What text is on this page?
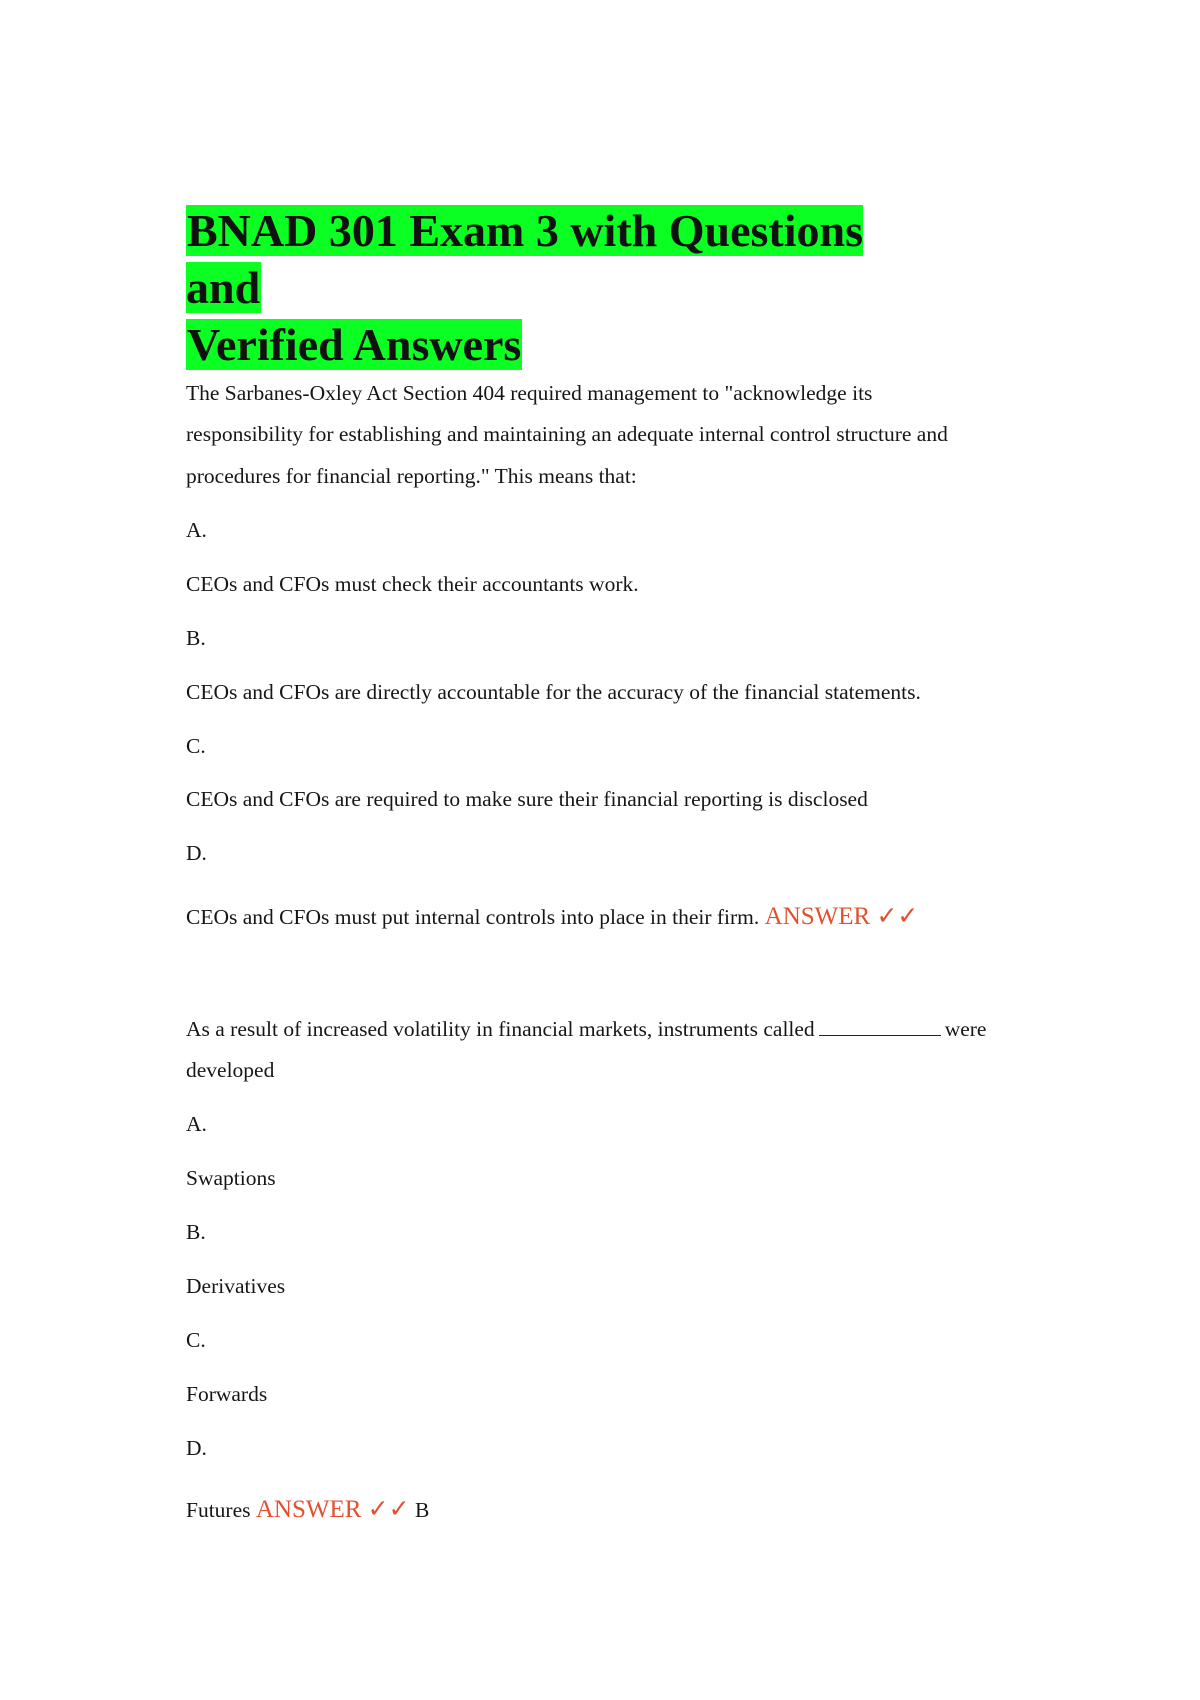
BNAD 301 Exam 3 with Questions and
Verified Answers
The Sarbanes-Oxley Act Section 404 required management to "acknowledge its
responsibility for establishing and maintaining an adequate internal control structure and
procedures for financial reporting." This means that:
A.
CEOs and CFOs must check their accountants work.
B.
CEOs and CFOs are directly accountable for the accuracy of the financial statements.
C.
CEOs and CFOs are required to make sure their financial reporting is disclosed
D.
CEOs and CFOs must put internal controls into place in their firm. ANSWER ✓✓
As a result of increased volatility in financial markets, instruments called	were
developed
A.
Swaptions
B.
Derivatives
C.
Forwards
D.
Futures ANSWER ✓✓ B
